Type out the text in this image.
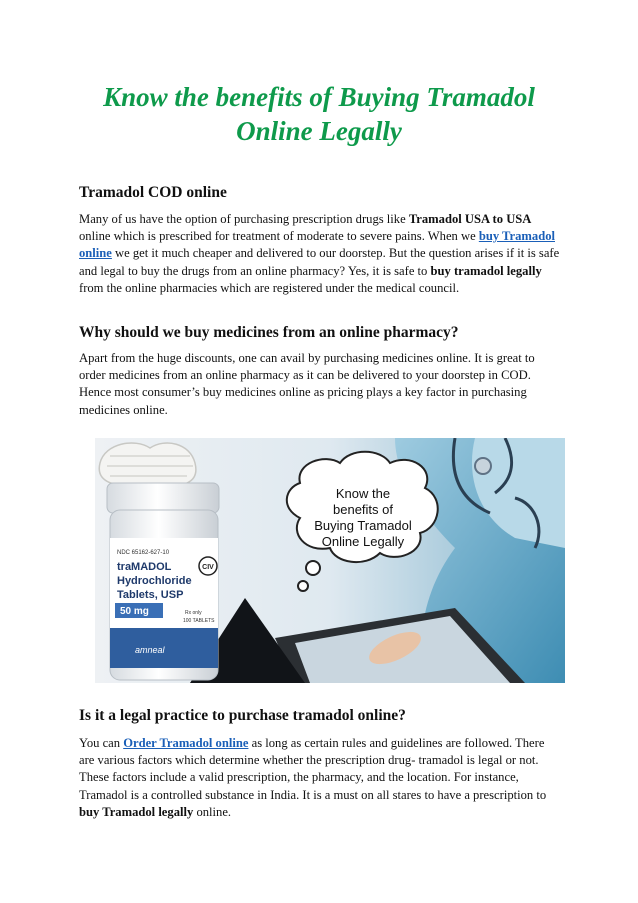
Know the benefits of Buying Tramadol
Online Legally
Tramadol COD online

Many of us have the option of purchasing prescription drugs like Tramadol USA to USA online which is prescribed for treatment of moderate to severe pains. When we buy Tramadol online we get it much cheaper and delivered to our doorstep. But the question arises if it is safe and legal to buy the drugs from an online pharmacy? Yes, it is safe to buy tramadol legally from the online pharmacies which are registered under the medical council.

Why should we buy medicines from an online pharmacy?

Apart from the huge discounts, one can avail by purchasing medicines online. It is great to order medicines from an online pharmacy as it can be delivered to your doorstep in COD. Hence most consumer’s buy medicines online as pricing plays a key factor in purchasing medicines online.

Know the
benefits of
Buying Tramadol
Online Legally
NDC 65162-627-10
traMADOL
Hydrochloride
Tablets, USP
50 mg	Rx only
100 TABLETS
CIV
amneal
Is it a legal practice to purchase tramadol online?

You can Order Tramadol online as long as certain rules and guidelines are followed. There are various factors which determine whether the prescription drug- tramadol is legal or not. These factors include a valid prescription, the pharmacy, and the location. For instance, Tramadol is a controlled substance in India. It is a must on all stares to have a prescription to buy Tramadol legally online.
